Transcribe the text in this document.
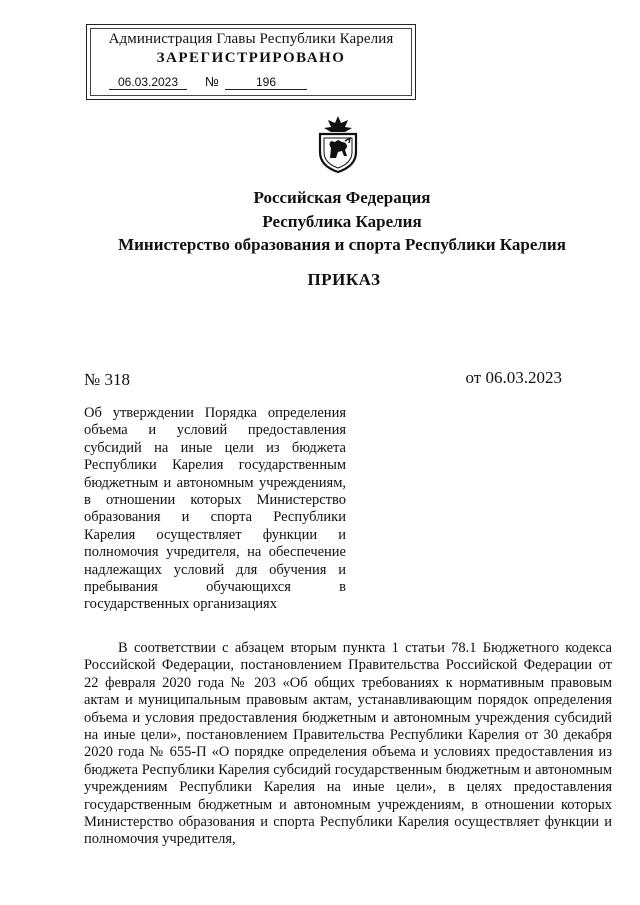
Администрация Главы Республики Карелия
ЗАРЕГИСТРИРОВАНО
06.03.2023	№	196
Российская Федерация
Республика Карелия
Министерство образования и спорта Республики Карелия
ПРИКАЗ
№ 318	от 06.03.2023
Об утверждении Порядка определения объема и условий предоставления субсидий на иные цели из бюджета Республики Карелия государственным бюджетным и автономным учреждениям, в отношении которых Министерство образования и спорта Республики Карелия осуществляет функции и полномочия учредителя, на обеспечение надлежащих условий для обучения и пребывания обучающихся в государственных организациях
В соответствии с абзацем вторым пункта 1 статьи 78.1 Бюджетного кодекса Российской Федерации, постановлением Правительства Российской Федерации от 22 февраля 2020 года № 203 «Об общих требованиях к нормативным правовым актам и муниципальным правовым актам, устанавливающим порядок определения объема и условия предоставления бюджетным и автономным учреждения субсидий на иные цели», постановлением Правительства Республики Карелия от 30 декабря 2020 года № 655-П «О порядке определения объема и условиях предоставления из бюджета Республики Карелия субсидий государственным бюджетным и автономным учреждениям Республики Карелия на иные цели», в целях предоставления государственным бюджетным и автономным учреждениям, в отношении которых Министерство образования и спорта Республики Карелия осуществляет функции и полномочия учредителя,
